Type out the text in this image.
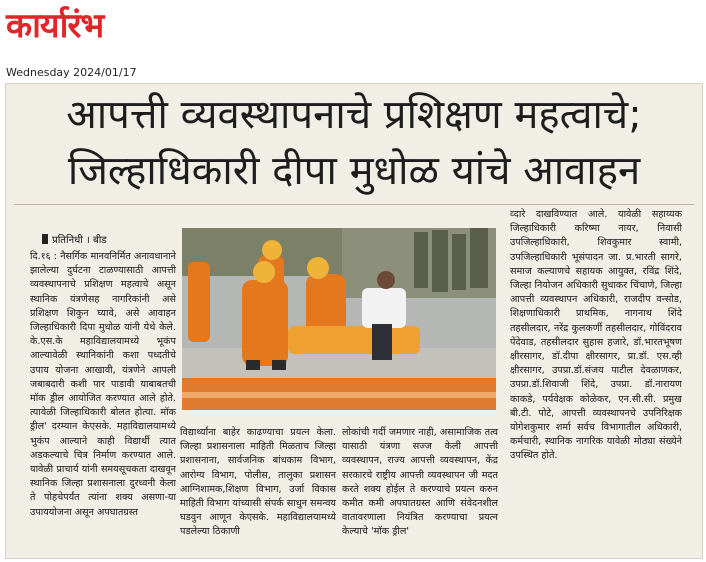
कार्यारंभ
Wednesday 2024/01/17
आपत्ती व्यवस्थापनाचे प्रशिक्षण महत्वाचे;
जिल्हाधिकारी दीपा मुधोळ यांचे आवाहन
प्रतिनिधी । बीड

दि.१६ : नैसर्गिक मानवनिर्मित अनावधानाने झालेल्या दुर्घटना टाळण्यासाठी आपत्ती व्यवस्थापनाचे प्रशिक्षण महत्वाचे असून स्थानिक यंत्रणेसह नागरिकांनी असे प्रशिक्षण शिकुन घ्यावे, असे आवाहन जिल्हाधिकारी दिपा मुधोळ यांनी येथे केले. के.एस.के महाविद्यालयामध्ये भूकंप आल्यावेळी स्थानिकांनी कशा पध्दतीचे उपाय योजना आखावी, यंत्रणेने आपली जबाबदारी कशी पार पाडावी याबाबतची मॉक ड्रील आयोजित करण्यात आले होते. त्यावेळी जिल्हाधिकारी बोलत होत्या. मॉक ड्रील' दरम्यान केएसके. महाविद्यालयामध्ये भुकंप आल्याने काही विद्यार्थी त्यात अडकल्याचे चित्र निर्माण करण्यात आले. यावेळी प्राचार्य यांनी समयसूचकता दाखवून स्थानिक जिल्हा प्रशासनाला दुरध्वनी केला ते पोहचेपर्यंत त्यांना शक्य असणा-या उपाययोजना असून अपघातग्रस्त

विद्यार्थ्यांना बाहेर काढण्याचा प्रयत्न केला. जिल्हा प्रशासनाला माहिती मिळताच जिल्हा प्रशासनाना, सार्वजनिक बांधकाम विभाग, आरोग्य विभाग, पोलीस, तालुका प्रशासन आग्निशामक,शिक्षण विभाग, उर्जा विकास माहिती विभाग यांच्यासी संपर्क साधुन समन्वय घडवुन आणून केएसके. महाविद्यालयामध्ये पडलेल्या ठिकाणी

लोकांची गर्दी जमणार नाही, असामाजिक तत्व यासाठी यंत्रणा सज्ज केली आपत्ती व्यवस्थापन, राज्य आपत्ती व्यवस्थापन, केंद्र सरकारचे राष्ट्रीय आपत्ती व्यवस्थापन जी मदत करते शक्य होईल ते करण्याचे प्रयत्न करुन कमीत कमी अपघातग्रस्त आणि संवेदनशील वातावरणाला नियंत्रित करण्याचा प्रयत्न केल्याचे 'मॉक ड्रील'

व्दारे दाखविण्यात आले. यावेळी सहाय्यक जिल्हाधिकारी करिष्मा नायर, निवासी उपजिल्हाधिकारी, शिवकुमार स्वामी, उपजिल्हाधिकारी भूसंपादन जा. प्र.भारती सागरे, समाज कल्याणचे सहायक आयुक्त, रविंद्र शिंदे, जिल्हा नियोजन अधिकारी सुधाकर चिंचाणे, जिल्हा आपत्ती व्यवस्थापन अधिकारी, राजदीप वन्सोड, शिक्षणाधिकारी प्राथमिक, नागनाथ शिंदे तहसीलदार, नरेंद्र कुलकर्णी तहसीलदार, गोविंदराव पेंदेवाड, तहसीलदार सुहास हजारे, डॉ.भारतभूषण क्षीरसागर, डॉ.दीपा क्षीरसागर, प्रा.डॉ. एस.व्ही क्षीरसागर, उपप्रा.डॉ.संजय पाटील देवळाणकर, उपप्रा.डॉ.शिवाजी शिंदे, उपप्रा. डॉ.नारायण काकडे, पर्यवेक्षक कोळेकर, एन.सी.सी. प्रमुख बी.टी. पोटे, आपत्ती व्यवस्थापनचे उपनिरिक्षक योगेशकुमार शर्मा सर्वच विभागातील अधिकारी, कर्मचारी, स्थानिक नागरिक यावेळी मोठ्या संख्येने उपस्थित होते.
